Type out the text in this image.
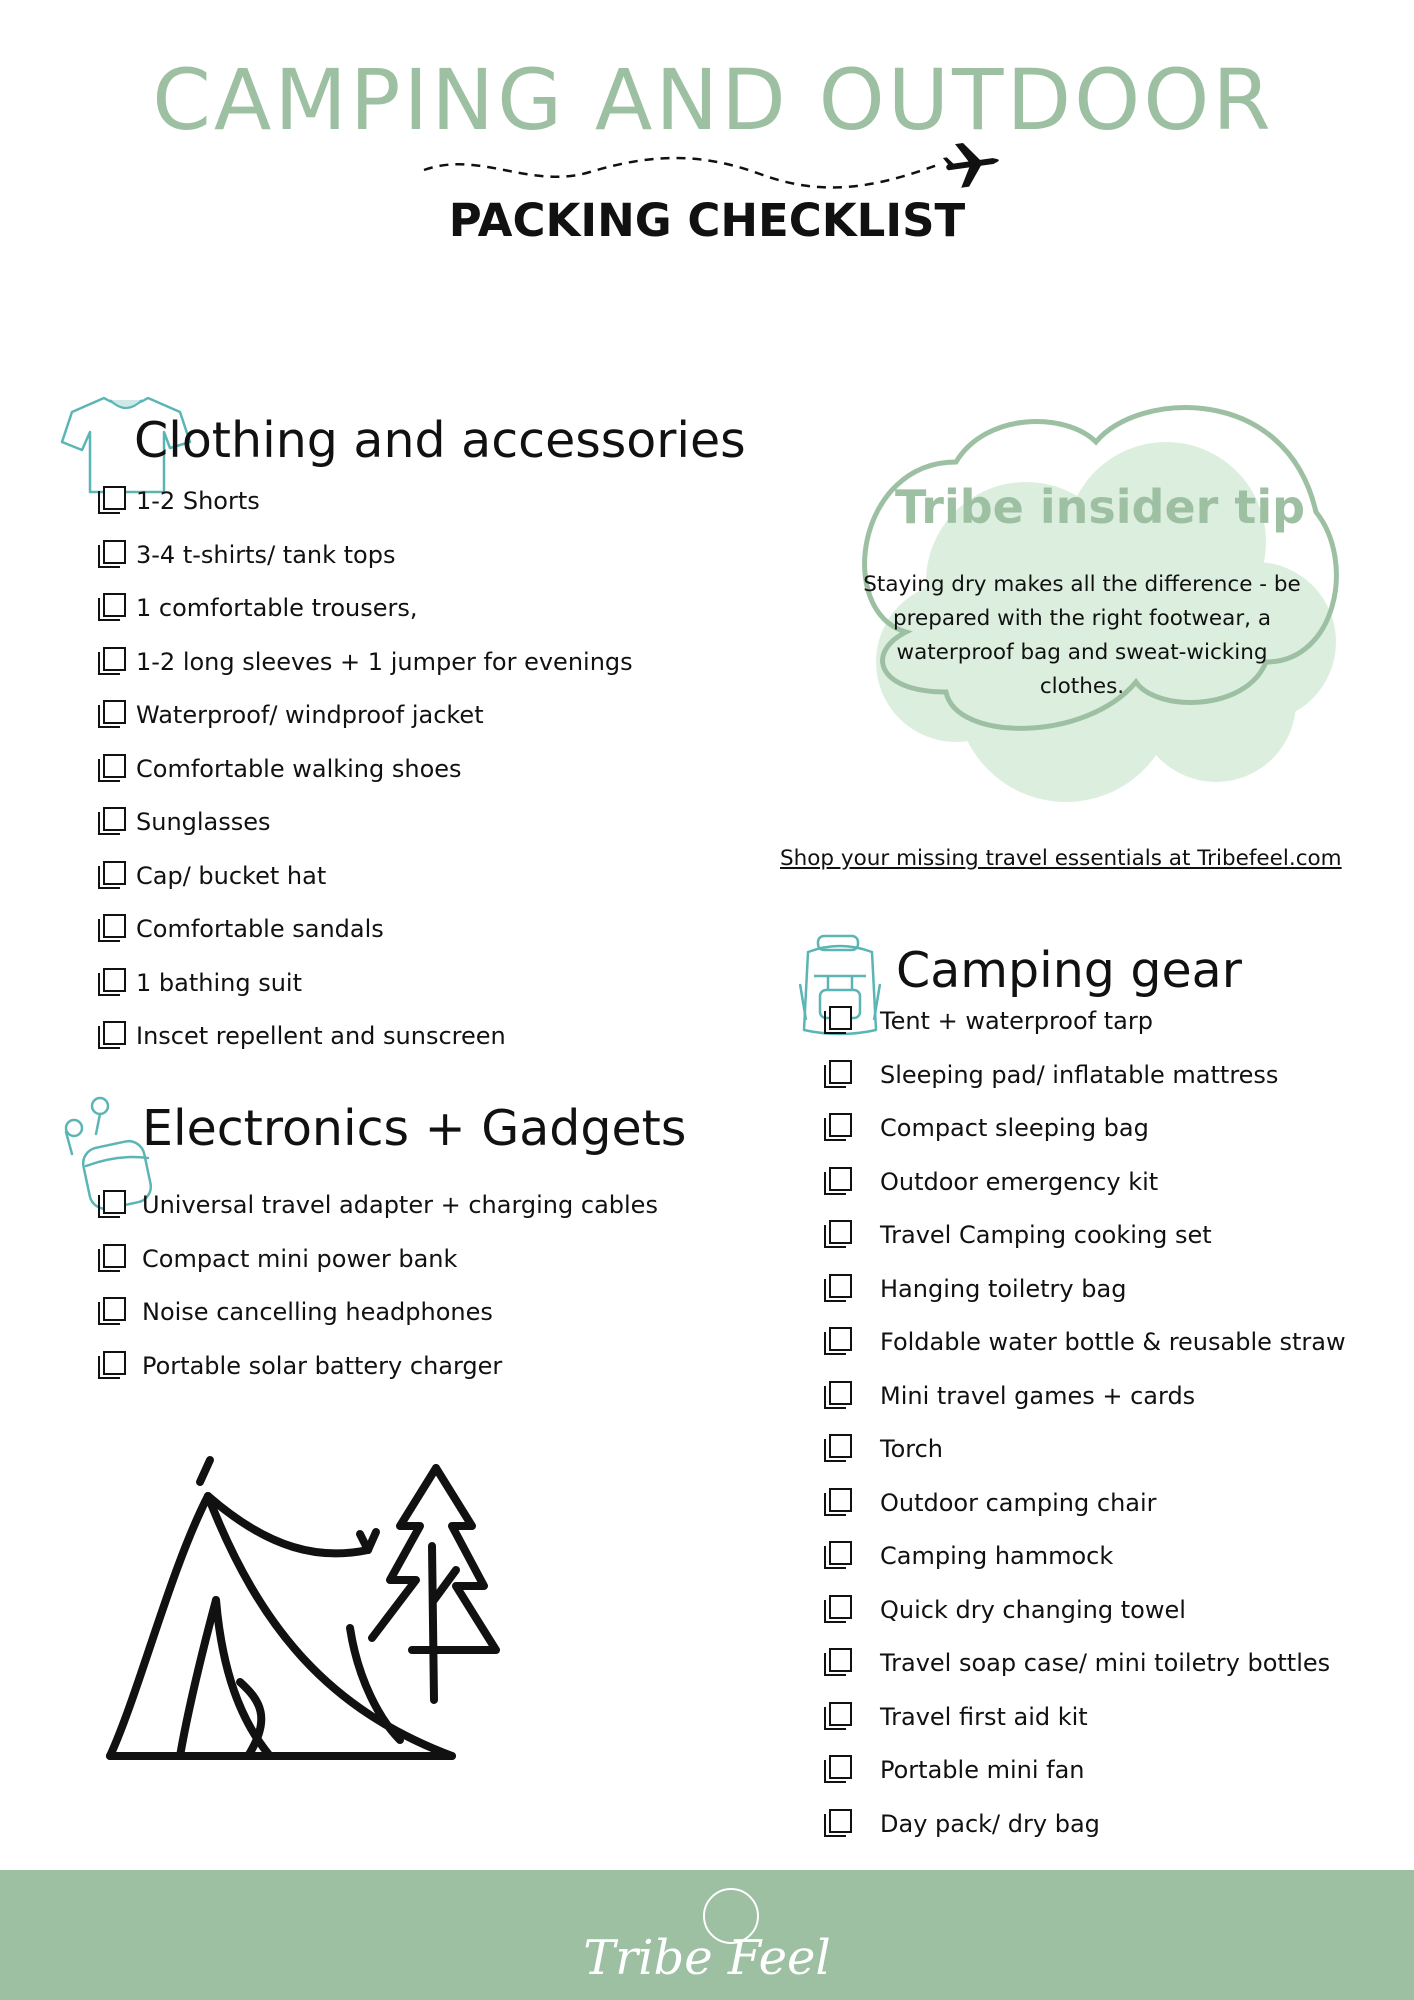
CAMPING AND OUTDOOR
PACKING CHECKLIST
Clothing and accessories
1-2 Shorts
3-4 t-shirts/ tank tops
1 comfortable trousers,
1-2 long sleeves + 1 jumper for evenings
Waterproof/ windproof jacket
Comfortable walking shoes
Sunglasses
Cap/ bucket hat
Comfortable sandals
1 bathing suit
Inscet repellent and sunscreen
Electronics + Gadgets
Universal travel adapter + charging cables
Compact mini power bank
Noise cancelling headphones
Portable solar battery charger
Tribe insider tip
Staying dry makes all the difference - be prepared with the right footwear, a waterproof bag and sweat-wicking clothes.
Shop your missing travel essentials at Tribefeel.com
Camping gear
Tent + waterproof tarp
Sleeping pad/ inflatable mattress
Compact sleeping bag
Outdoor emergency kit
Travel Camping cooking set
Hanging toiletry bag
Foldable water bottle & reusable straw
Mini travel games + cards
Torch
Outdoor camping chair
Camping hammock
Quick dry changing towel
Travel soap case/ mini toiletry bottles
Travel first aid kit
Portable mini fan
Day pack/ dry bag
Tribe Feel
